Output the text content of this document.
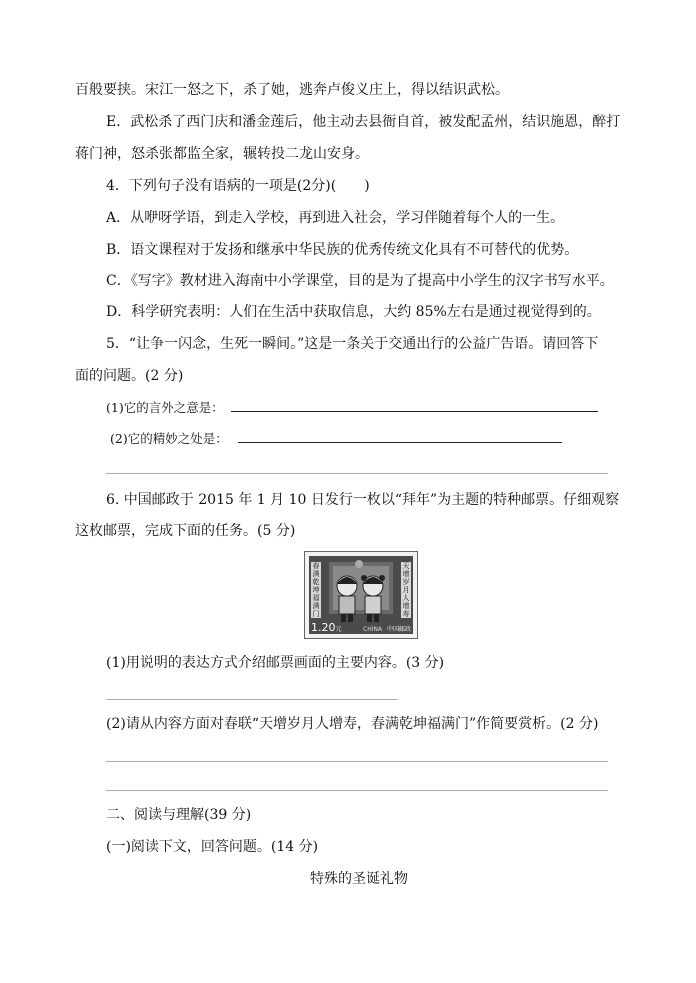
百般要挟。宋江一怒之下，杀了她，逃奔卢俊义庄上，得以结识武松。
E．武松杀了西门庆和潘金莲后，他主动去县衙自首，被发配孟州，结识施恩，醉打
蒋门神，怒杀张都监全家，辗转投二龙山安身。
4．下列句子没有语病的一项是(2分)(　　)
A．从咿呀学语，到走入学校，再到进入社会，学习伴随着每个人的一生。
B．语文课程对于发扬和继承中华民族的优秀传统文化具有不可替代的优势。
C．《写字》教材进入海南中小学课堂，目的是为了提高中小学生的汉字书写水平。
D．科学研究表明：人们在生活中获取信息，大约 85%左右是通过视觉得到的。
5．“让争一闪念，生死一瞬间。”这是一条关于交通出行的公益广告语。请回答下
面的问题。(2 分)
(1)它的言外之意是：
(2)它的精妙之处是：
6. 中国邮政于 2015 年 1 月 10 日发行一枚以“拜年”为主题的特种邮票。仔细观察
这枚邮票，完成下面的任务。(5 分)
春满乾坤福满门
天增岁月人增寿
1.20元	CHINA 中国邮政
(1)用说明的表达方式介绍邮票画面的主要内容。(3 分)
(2)请从内容方面对春联“天增岁月人增寿，春满乾坤福满门”作简要赏析。(2 分)
二、阅读与理解(39 分)
(一)阅读下文，回答问题。(14 分)
特殊的圣诞礼物
